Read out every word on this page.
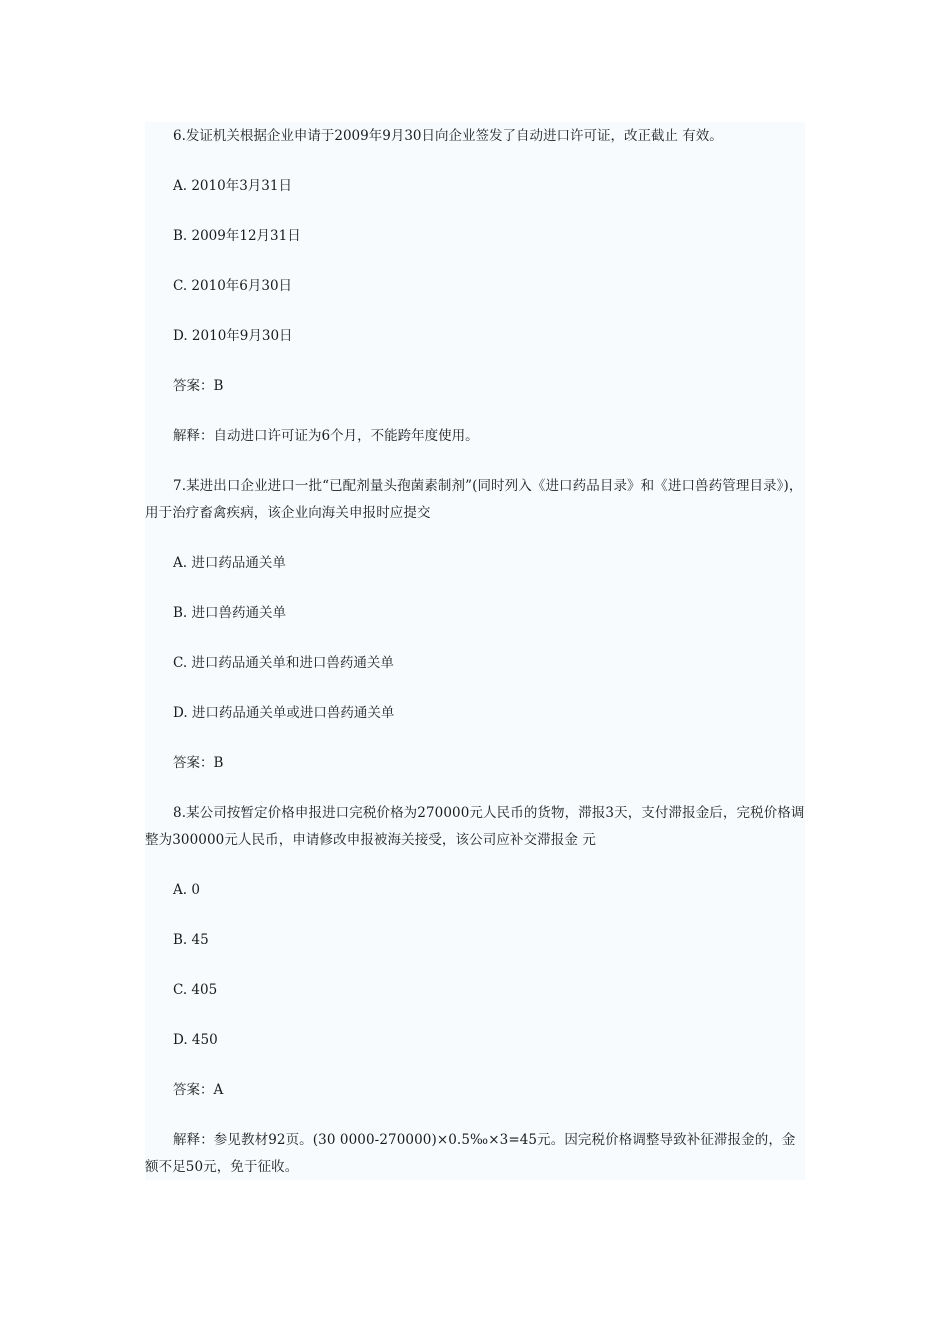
6.发证机关根据企业申请于2009年9月30日向企业签发了自动进口许可证，改正截止 有效。
A. 2010年3月31日
B. 2009年12月31日
C. 2010年6月30日
D. 2010年9月30日
答案：B
解释：自动进口许可证为6个月，不能跨年度使用。
7.某进出口企业进口一批“已配剂量头孢菌素制剂”(同时列入《进口药品目录》和《进口兽药管理目录》)，用于治疗畜禽疾病，该企业向海关申报时应提交
A. 进口药品通关单
B. 进口兽药通关单
C. 进口药品通关单和进口兽药通关单
D. 进口药品通关单或进口兽药通关单
答案：B
8.某公司按暂定价格申报进口完税价格为270000元人民币的货物，滞报3天，支付滞报金后，完税价格调整为300000元人民币，申请修改申报被海关接受，该公司应补交滞报金 元
A. 0
B. 45
C. 405
D. 450
答案：A
解释：参见教材92页。(30 0000-270000)×0.5‰×3=45元。因完税价格调整导致补征滞报金的，金额不足50元，免于征收。
